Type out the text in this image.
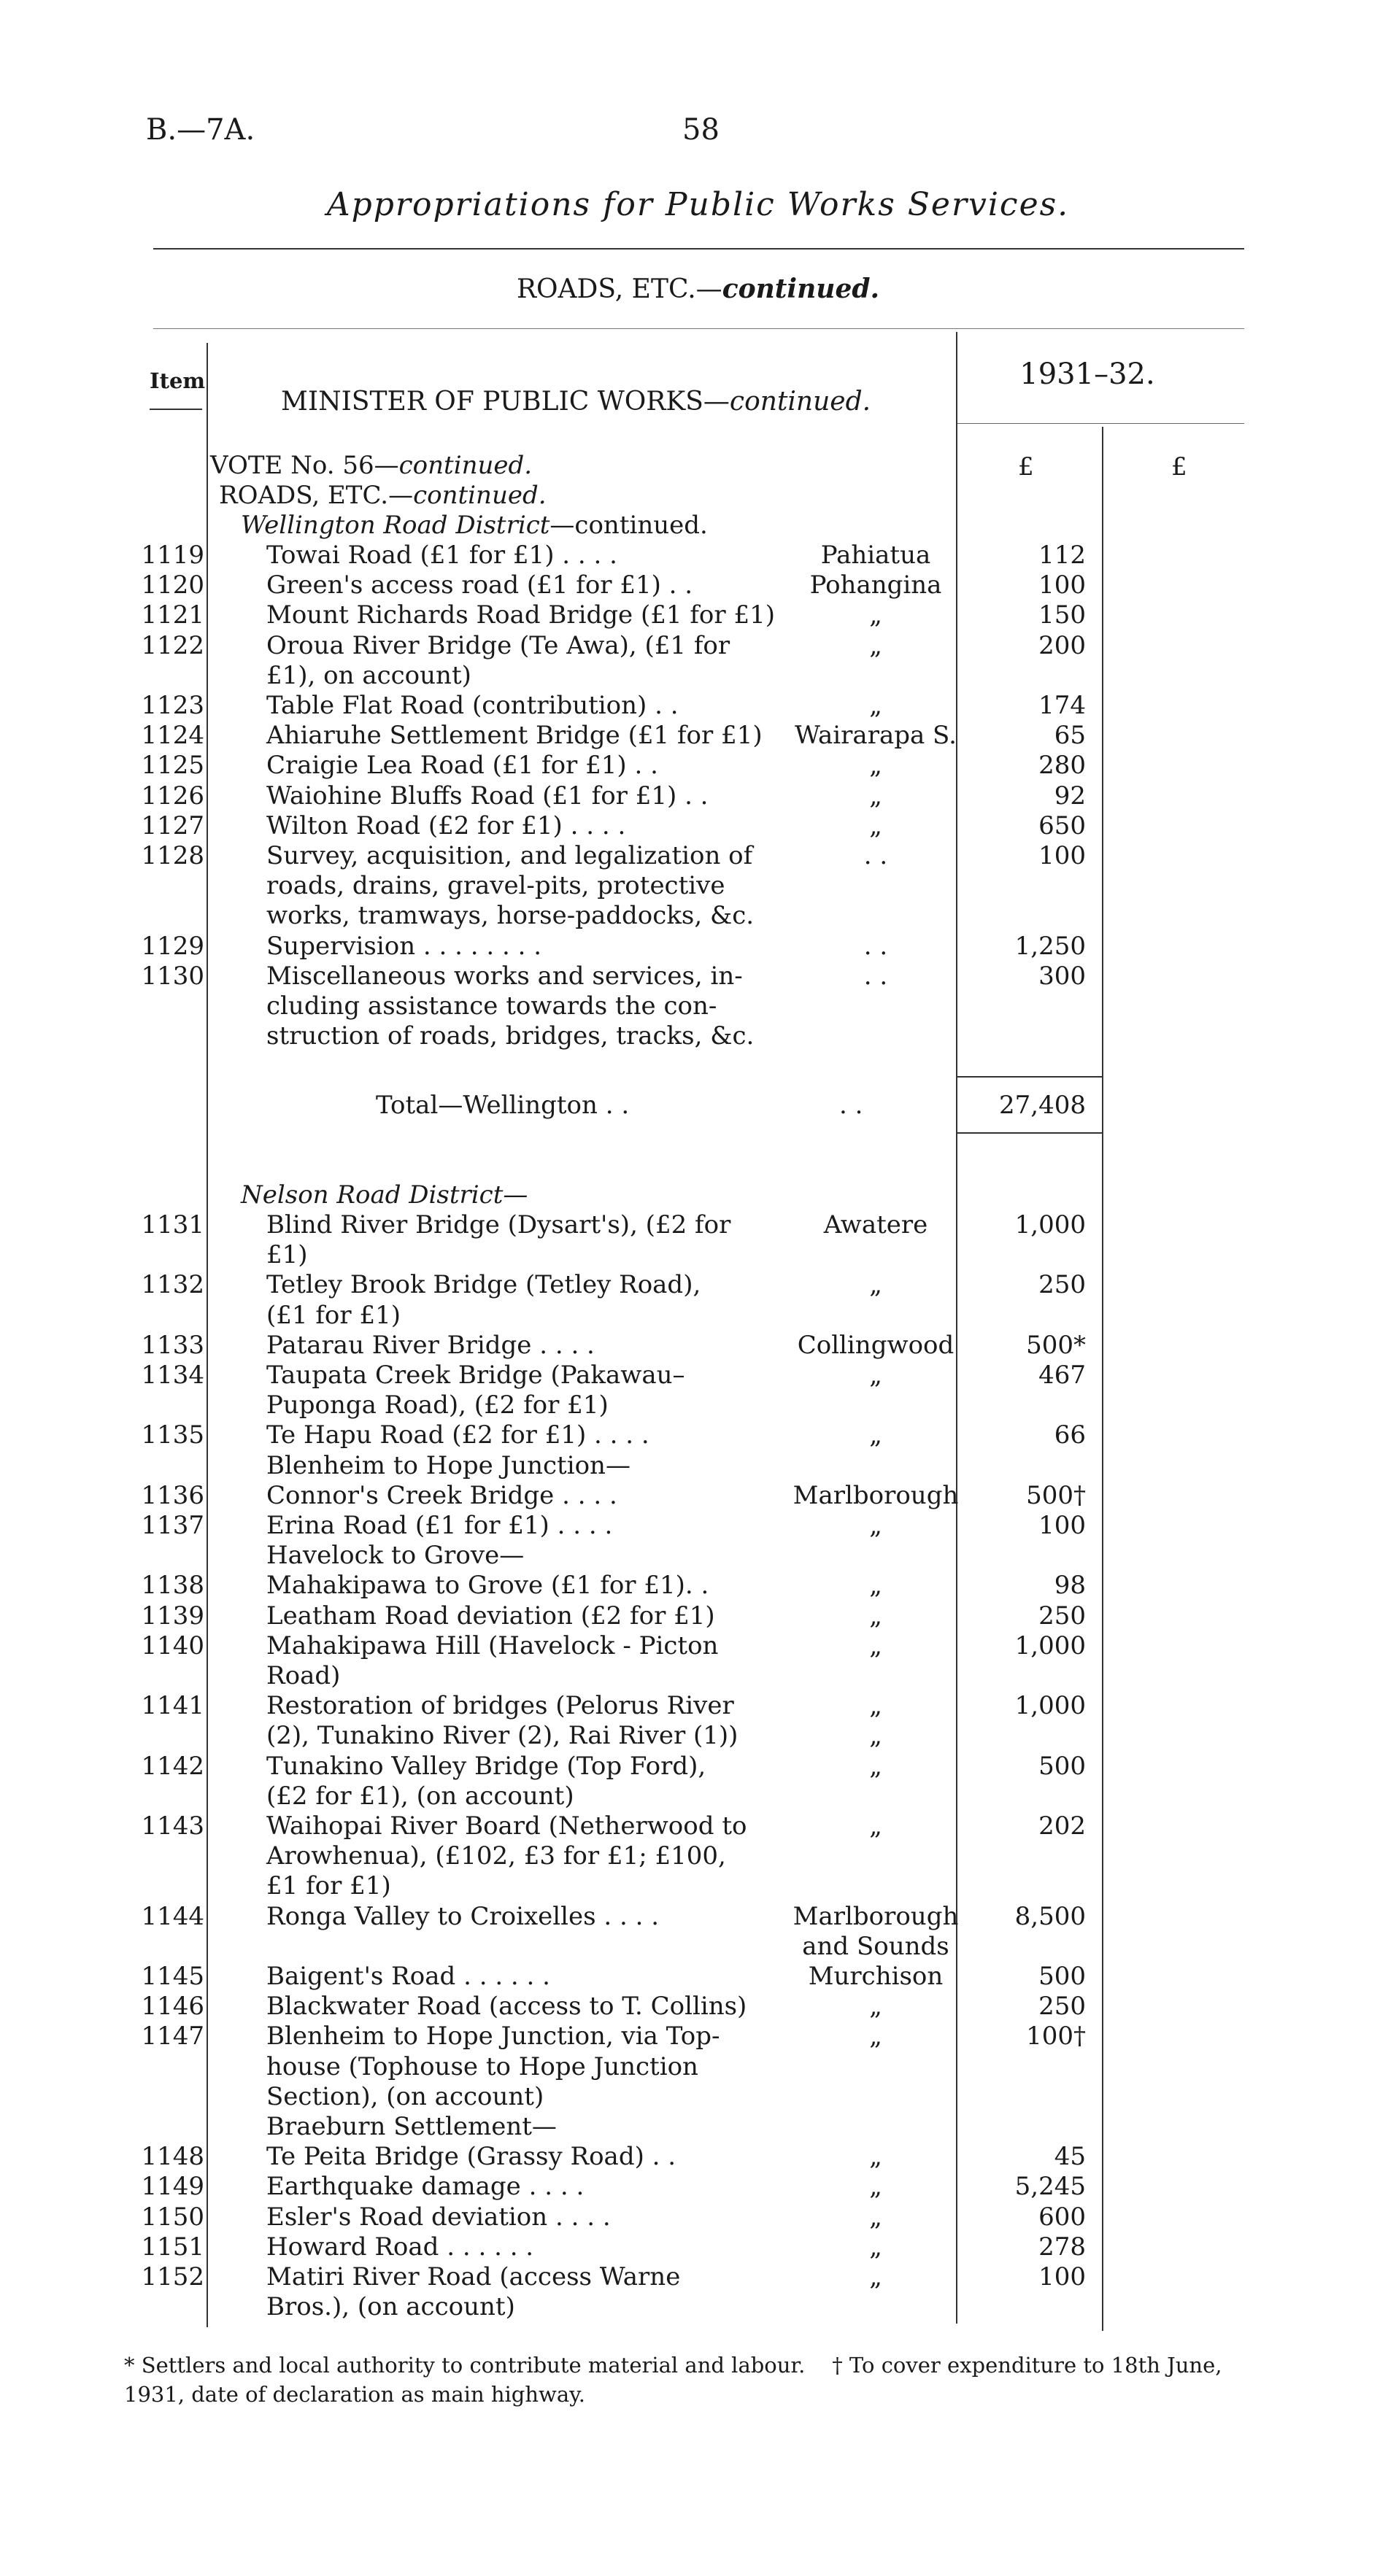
B.—7A.	58
Appropriations for Public Works Services.
ROADS, ETC.—continued.
Item
MINISTER OF PUBLIC WORKS—continued.
1931–32.
£	£
VOTE No. 56—continued.
ROADS, ETC.—continued.
Wellington Road District—continued.
1119	Towai Road (£1 for £1) . . . .	Pahiatua	112
1120	Green's access road (£1 for £1) . .	Pohangina	100
1121	Mount Richards Road Bridge (£1 for £1)	„	150
1122	Oroua River Bridge (Te Awa), (£1 for	„	200
£1), on account)
1123	Table Flat Road (contribution) . .	„	174
1124	Ahiaruhe Settlement Bridge (£1 for £1) Wairarapa S.	65
1125	Craigie Lea Road (£1 for £1) . .	„	280
1126	Waiohine Bluffs Road (£1 for £1) . .	„	92
1127	Wilton Road (£2 for £1) . . . .	„	650
1128	Survey, acquisition, and legalization of	. .	100
roads, drains, gravel-pits, protective
works, tramways, horse-paddocks, &c.
1129	Supervision . . . . . . . .	. .	1,250
1130	Miscellaneous works and services, in-	. .	300
cluding assistance towards the con-
struction of roads, bridges, tracks, &c.
Total—Wellington . .	. .	27,408
Nelson Road District—
1131	Blind River Bridge (Dysart's), (£2 for	Awatere	1,000
£1)
1132	Tetley Brook Bridge (Tetley Road),	„	250
(£1 for £1)
1133	Patarau River Bridge . . . .	Collingwood	500*
1134	Taupata Creek Bridge (Pakawau–	„	467
Puponga Road), (£2 for £1)
1135	Te Hapu Road (£2 for £1) . . . .	„	66
Blenheim to Hope Junction—
1136	Connor's Creek Bridge . . . .	Marlborough	500†
1137	Erina Road (£1 for £1) . . . .	„	100
Havelock to Grove—
1138	Mahakipawa to Grove (£1 for £1). .	„	98
1139	Leatham Road deviation (£2 for £1)	„	250
1140	Mahakipawa Hill (Havelock - Picton	„	1,000
Road)
1141	Restoration of bridges (Pelorus River	„	1,000
(2), Tunakino River (2), Rai River (1))	„
1142	Tunakino Valley Bridge (Top Ford),	„	500
(£2 for £1), (on account)
1143	Waihopai River Board (Netherwood to	„	202
Arowhenua), (£102, £3 for £1; £100,
£1 for £1)
1144	Ronga Valley to Croixelles . . . .	Marlborough 8,500
and Sounds
1145	Baigent's Road . . . . . .	Murchison	500
1146	Blackwater Road (access to T. Collins)	„	250
1147	Blenheim to Hope Junction, via Top-	„	100†
house (Tophouse to Hope Junction
Section), (on account)
Braeburn Settlement—
1148	Te Peita Bridge (Grassy Road) . .	„	45
1149	Earthquake damage . . . .	„	5,245
1150	Esler's Road deviation . . . .	„	600
1151	Howard Road . . . . . .	„	278
1152	Matiri River Road (access Warne	„	100
Bros.), (on account)
* Settlers and local authority to contribute material and labour. † To cover expenditure to 18th June, 1931, date of declaration as main highway.
